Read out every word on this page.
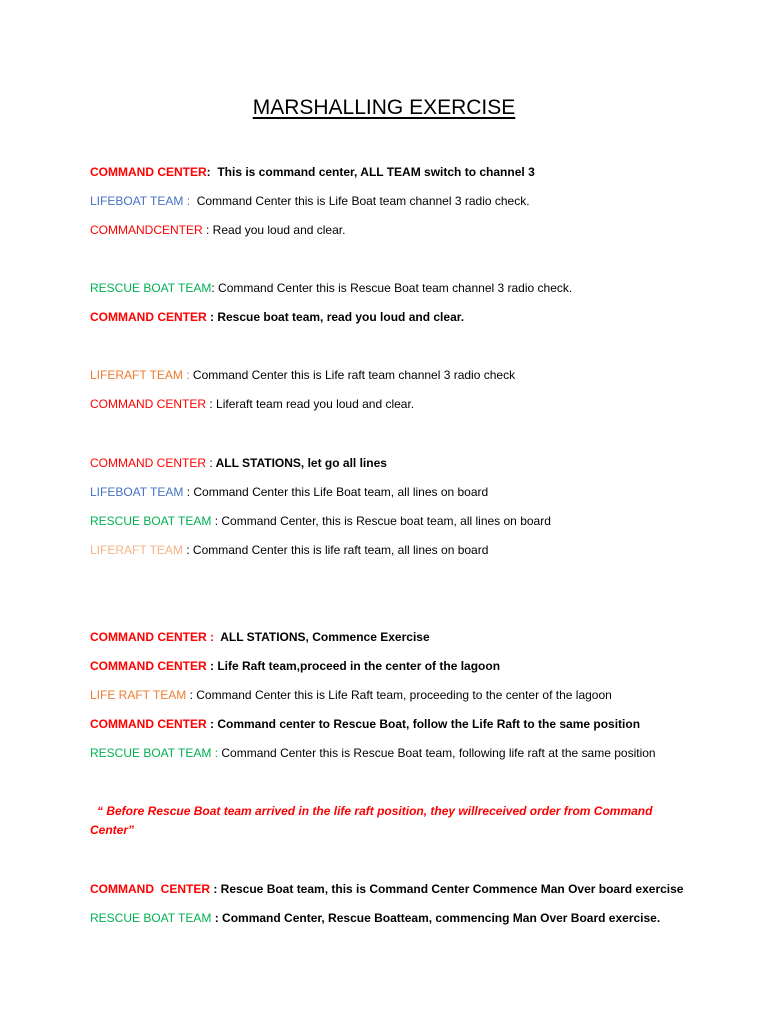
MARSHALLING EXERCISE
COMMAND CENTER:  This is command center, ALL TEAM switch to channel 3
LIFEBOAT TEAM :  Command Center this is Life Boat team channel 3 radio check.
COMMANDCENTER : Read you loud and clear.
RESCUE BOAT TEAM: Command Center this is Rescue Boat team channel 3 radio check.
COMMAND CENTER : Rescue boat team, read you loud and clear.
LIFERAFT TEAM : Command Center this is Life raft team channel 3 radio check
COMMAND CENTER : Liferaft team read you loud and clear.
COMMAND CENTER : ALL STATIONS, let go all lines
LIFEBOAT TEAM : Command Center this Life Boat team, all lines on board
RESCUE BOAT TEAM : Command Center, this is Rescue boat team, all lines on board
LIFERAFT TEAM : Command Center this is life raft team, all lines on board
COMMAND CENTER :  ALL STATIONS, Commence Exercise
COMMAND CENTER : Life Raft team,proceed in the center of the lagoon
LIFE RAFT TEAM : Command Center this is Life Raft team, proceeding to the center of the lagoon
COMMAND CENTER : Command center to Rescue Boat, follow the Life Raft to the same position
RESCUE BOAT TEAM : Command Center this is Rescue Boat team, following life raft at the same position
“ Before Rescue Boat team arrived in the life raft position, they willreceived order from Command Center”
COMMAND  CENTER : Rescue Boat team, this is Command Center Commence Man Over board exercise
RESCUE BOAT TEAM : Command Center, Rescue Boatteam, commencing Man Over Board exercise.
